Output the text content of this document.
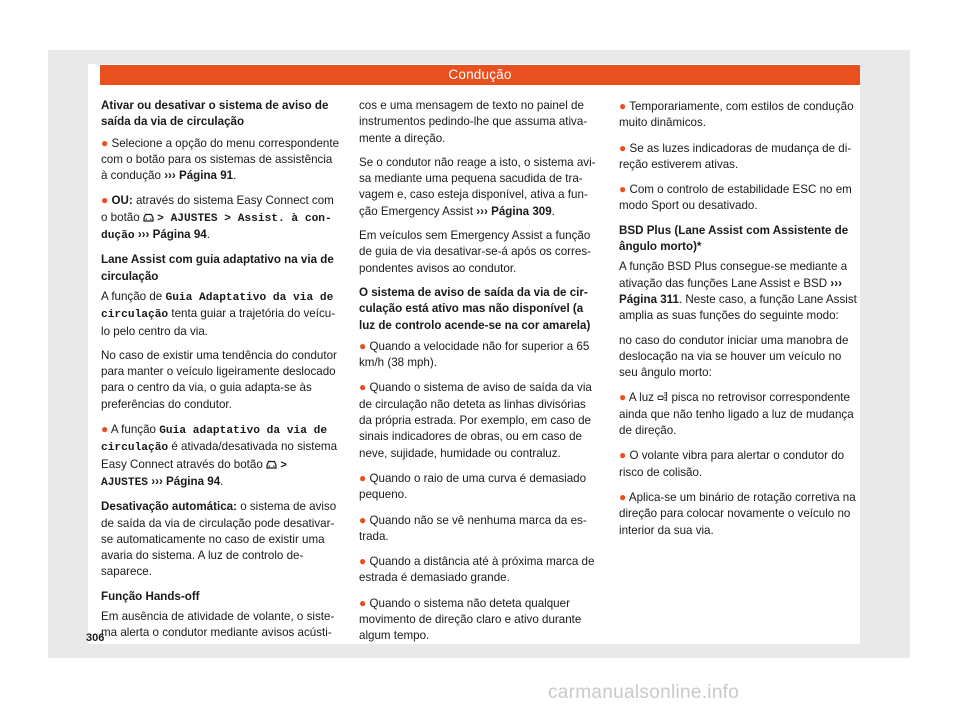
Condução
Ativar ou desativar o sistema de aviso de saída da via de circulação

● Selecione a opção do menu correspondente com o botão para os sistemas de assistência à condução ››› Página 91.

● OU: através do sistema Easy Connect com o botão > AJUSTES > Assist. à condução ››› Página 94.

Lane Assist com guia adaptativo na via de circulação

A função de Guia Adaptativo da via de circulação tenta guiar a trajetória do veículo pelo centro da via.

No caso de existir uma tendência do condutor para manter o veículo ligeiramente deslocado para o centro da via, o guia adapta-se às preferências do condutor.

● A função Guia adaptativo da via de circulação é ativada/desativada no sistema Easy Connect através do botão > AJUSTES ››› Página 94.

Desativação automática: o sistema de aviso de saída da via de circulação pode desativar-se automaticamente no caso de existir uma avaria do sistema. A luz de controlo desaparece.

Função Hands-off

Em ausência de atividade de volante, o sistema alerta o condutor mediante avisos acústi-

cos e uma mensagem de texto no painel de instrumentos pedindo-lhe que assuma ativamente a direção.

Se o condutor não reage a isto, o sistema avisa mediante uma pequena sacudida de travagem e, caso esteja disponível, ativa a função Emergency Assist ››› Página 309.

Em veículos sem Emergency Assist a função de guia de via desativar-se-á após os correspondentes avisos ao condutor.

O sistema de aviso de saída da via de circulação está ativo mas não disponível (a luz de controlo acende-se na cor amarela)

● Quando a velocidade não for superior a 65 km/h (38 mph).

● Quando o sistema de aviso de saída da via de circulação não deteta as linhas divisórias da própria estrada. Por exemplo, em caso de sinais indicadores de obras, ou em caso de neve, sujidade, humidade ou contraluz.

● Quando o raio de uma curva é demasiado pequeno.

● Quando não se vê nenhuma marca da estrada.

● Quando a distância até à próxima marca de estrada é demasiado grande.

● Quando o sistema não deteta qualquer movimento de direção claro e ativo durante algum tempo.

● Temporariamente, com estilos de condução muito dinâmicos.

● Se as luzes indicadoras de mudança de direção estiverem ativas.

● Com o controlo de estabilidade ESC no em modo Sport ou desativado.

BSD Plus (Lane Assist com Assistente de ângulo morto)*

A função BSD Plus consegue-se mediante a ativação das funções Lane Assist e BSD ››› Página 311. Neste caso, a função Lane Assist amplia as suas funções do seguinte modo:

no caso do condutor iniciar uma manobra de deslocação na via se houver um veículo no seu ângulo morto:

● A luz pisca no retrovisor correspondente ainda que não tenho ligado a luz de mudança de direção.

● O volante vibra para alertar o condutor do risco de colisão.

● Aplica-se um binário de rotação corretiva na direção para colocar novamente o veículo no interior da sua via.

306
carmanualsonline.info
